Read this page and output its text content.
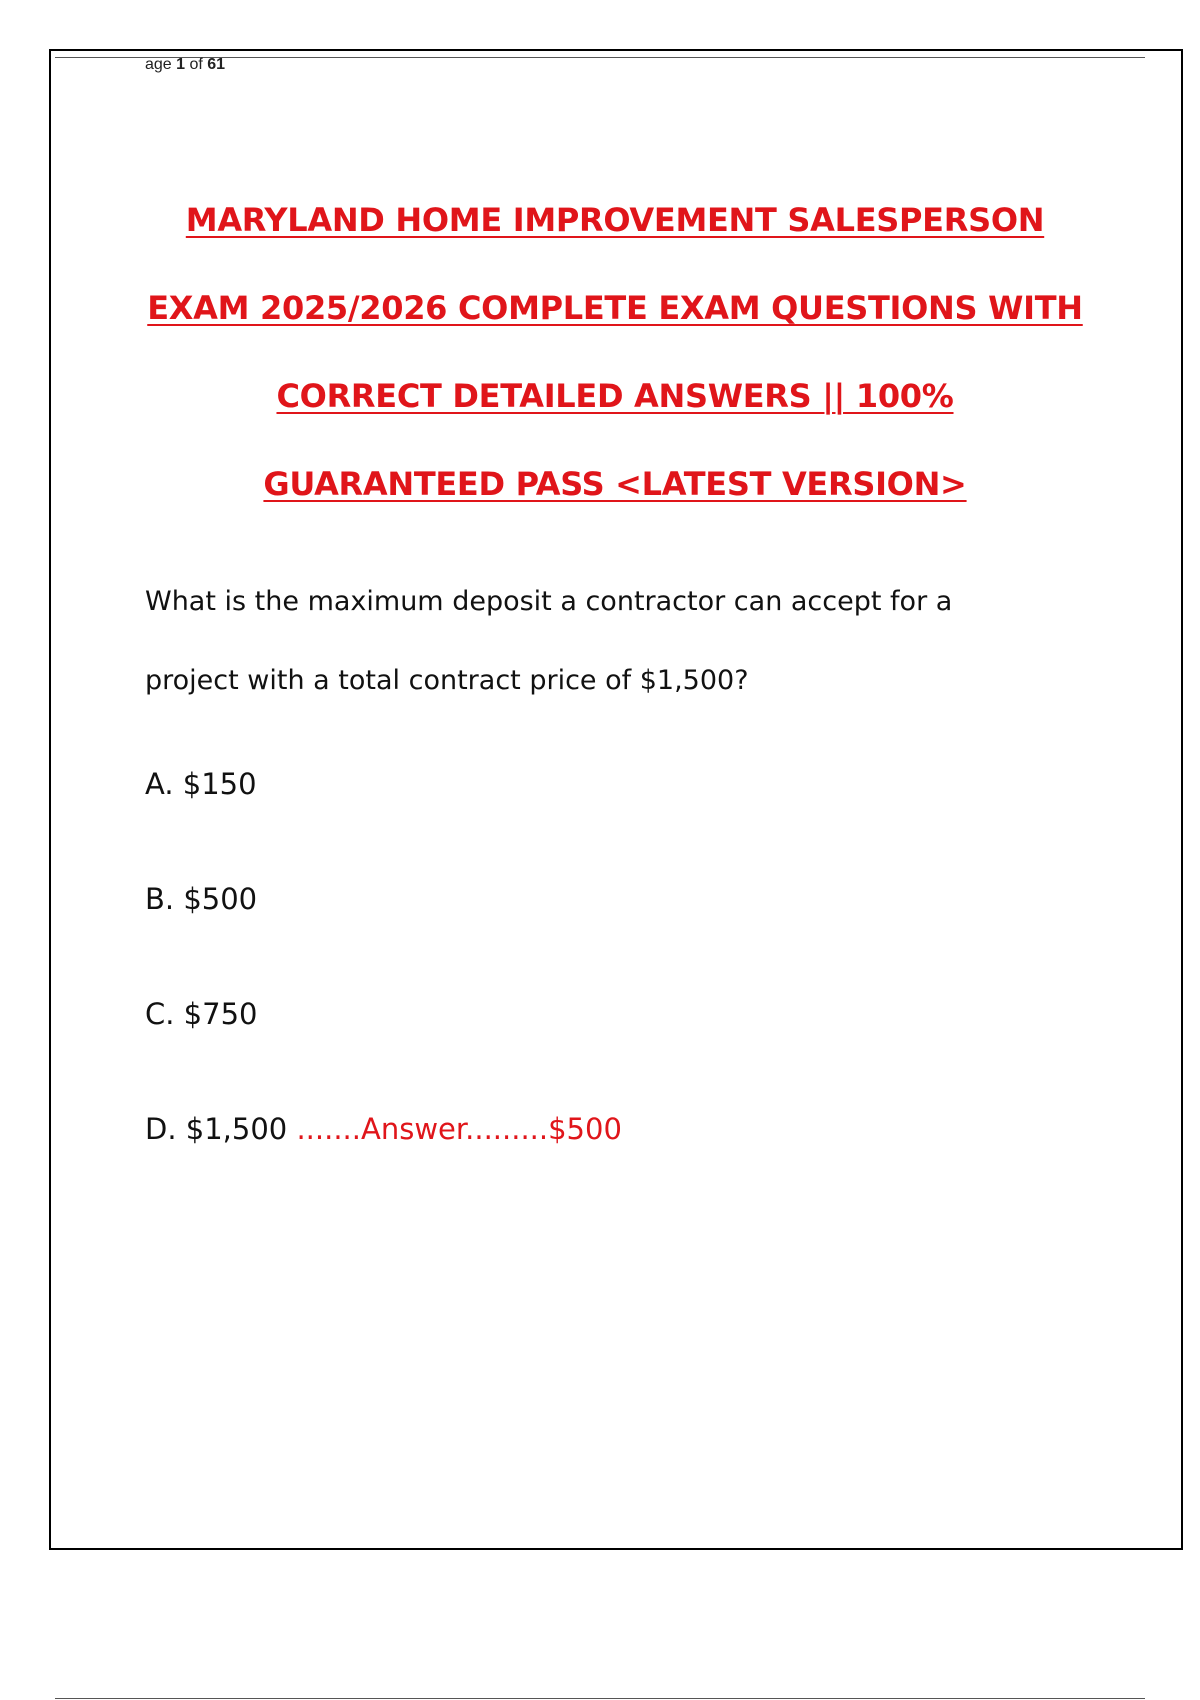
age 1 of 61
MARYLAND HOME IMPROVEMENT SALESPERSON
EXAM 2025/2026 COMPLETE EXAM QUESTIONS WITH
CORRECT DETAILED ANSWERS || 100%
GUARANTEED PASS <LATEST VERSION>
What is the maximum deposit a contractor can accept for a
project with a total contract price of $1,500?
A. $150
B. $500
C. $750
D. $1,500 .......Answer.........$500
